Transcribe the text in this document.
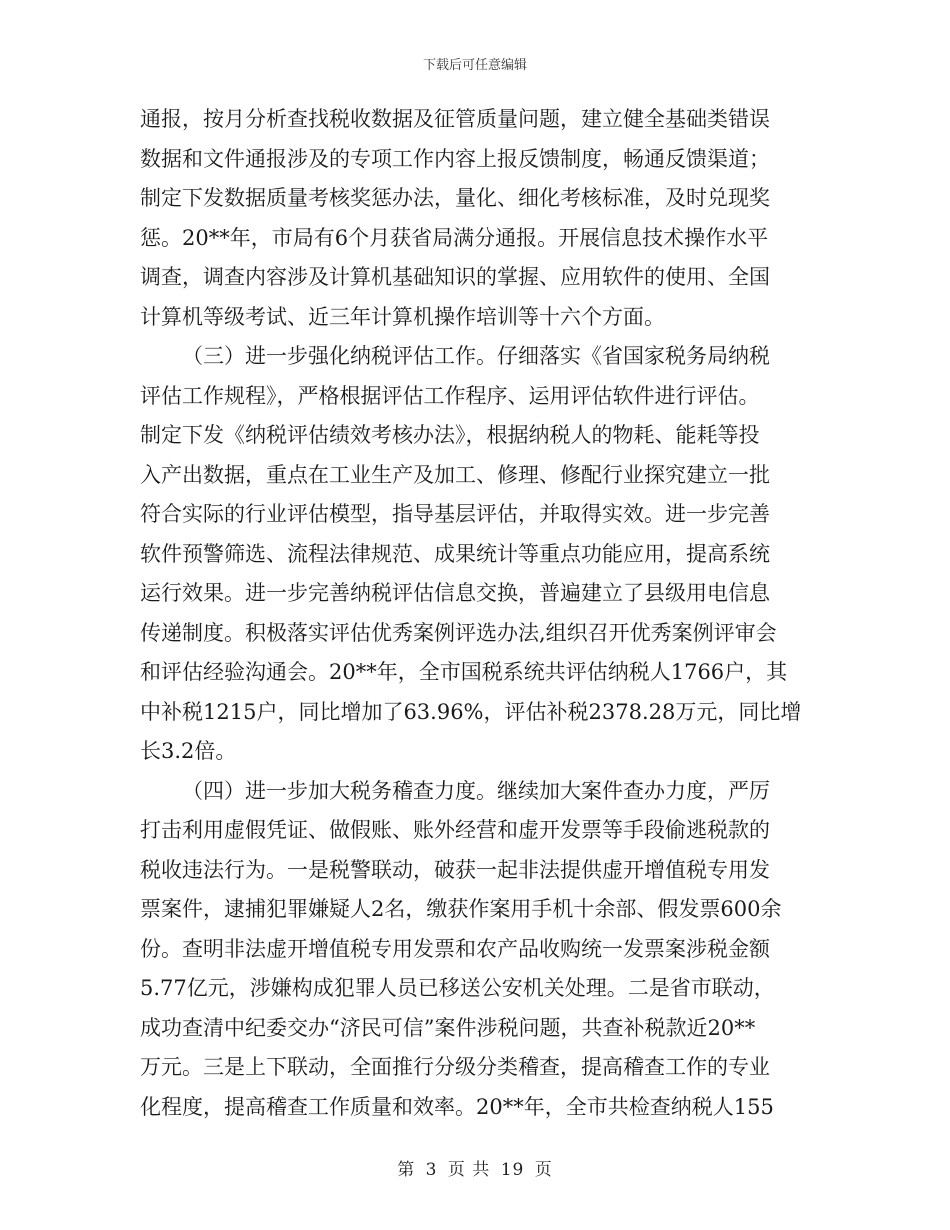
下载后可任意编辑
通报，按月分析查找税收数据及征管质量问题，建立健全基础类错误
数据和文件通报涉及的专项工作内容上报反馈制度，畅通反馈渠道；
制定下发数据质量考核奖惩办法，量化、细化考核标准，及时兑现奖
惩。20**年，市局有6个月获省局满分通报。开展信息技术操作水平
调查，调查内容涉及计算机基础知识的掌握、应用软件的使用、全国
计算机等级考试、近三年计算机操作培训等十六个方面。
（三）进一步强化纳税评估工作。仔细落实《省国家税务局纳税
评估工作规程》，严格根据评估工作程序、运用评估软件进行评估。
制定下发《纳税评估绩效考核办法》，根据纳税人的物耗、能耗等投
入产出数据，重点在工业生产及加工、修理、修配行业探究建立一批
符合实际的行业评估模型，指导基层评估，并取得实效。进一步完善
软件预警筛选、流程法律规范、成果统计等重点功能应用，提高系统
运行效果。进一步完善纳税评估信息交换，普遍建立了县级用电信息
传递制度。积极落实评估优秀案例评选办法,组织召开优秀案例评审会
和评估经验沟通会。20**年，全市国税系统共评估纳税人1766户，其
中补税1215户，同比增加了63.96%，评估补税2378.28万元，同比增
长3.2倍。
（四）进一步加大税务稽查力度。继续加大案件查办力度，严厉
打击利用虚假凭证、做假账、账外经营和虚开发票等手段偷逃税款的
税收违法行为。一是税警联动，破获一起非法提供虚开增值税专用发
票案件，逮捕犯罪嫌疑人2名，缴获作案用手机十余部、假发票600余
份。查明非法虚开增值税专用发票和农产品收购统一发票案涉税金额
5.77亿元，涉嫌构成犯罪人员已移送公安机关处理。二是省市联动，
成功查清中纪委交办“济民可信”案件涉税问题，共查补税款近20**
万元。三是上下联动，全面推行分级分类稽查，提高稽查工作的专业
化程度，提高稽查工作质量和效率。20**年，全市共检查纳税人155
第 3 页 共 19 页
